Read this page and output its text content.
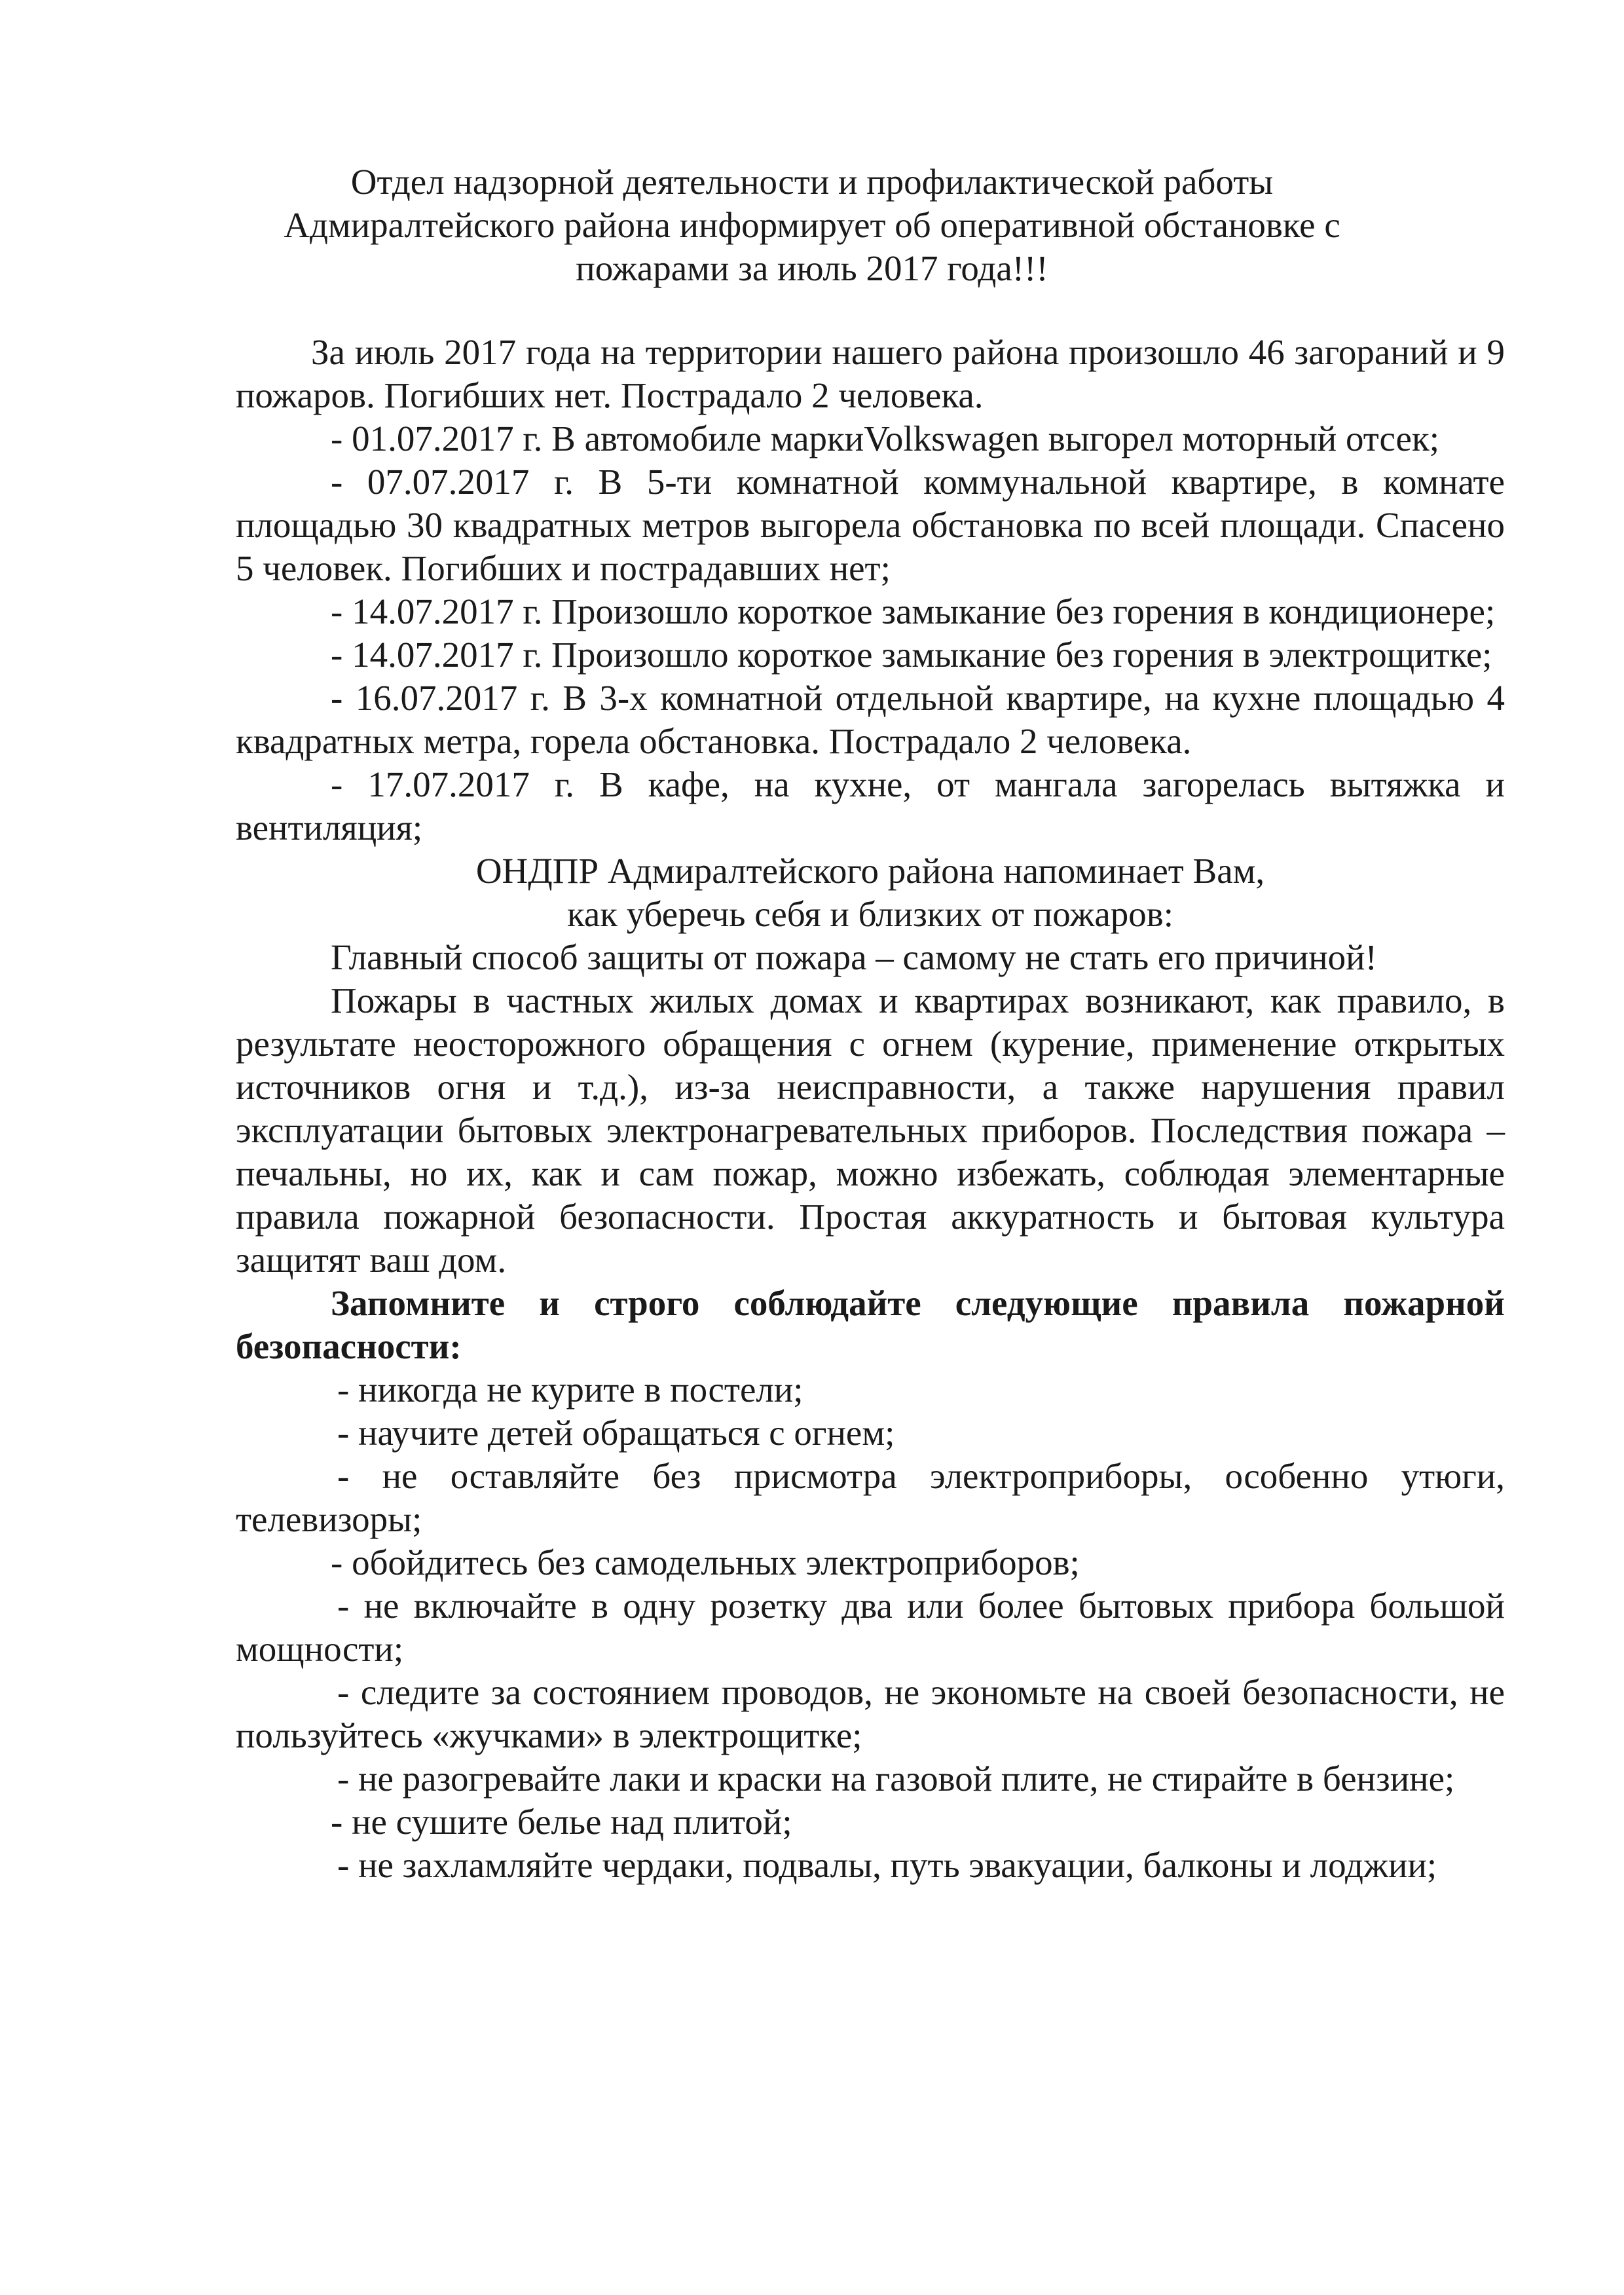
Отдел надзорной деятельности и профилактической работы
Адмиралтейского района информирует об оперативной обстановке с
пожарами за июль 2017 года!!!

За июль 2017 года на территории нашего района произошло 46 загораний и 9 пожаров. Погибших нет. Пострадало 2 человека.

- 01.07.2017 г. В автомобиле маркиVolkswagen выгорел моторный отсек;

- 07.07.2017 г. В 5-ти комнатной коммунальной квартире, в комнате площадью 30 квадратных метров выгорела обстановка по всей площади. Спасено 5 человек. Погибших и пострадавших нет;

- 14.07.2017 г. Произошло короткое замыкание без горения в кондиционере;

- 14.07.2017 г. Произошло короткое замыкание без горения в электрощитке;

- 16.07.2017 г. В 3-х комнатной отдельной квартире, на кухне площадью 4 квадратных метра, горела обстановка. Пострадало 2 человека.

- 17.07.2017 г. В кафе, на кухне, от мангала загорелась вытяжка и вентиляция;

ОНДПР Адмиралтейского района напоминает Вам,

как уберечь себя и близких от пожаров:

Главный способ защиты от пожара – самому не стать его причиной!

Пожары в частных жилых домах и квартирах возникают, как правило, в результате неосторожного обращения с огнем (курение, применение открытых источников огня и т.д.), из-за неисправности, а также нарушения правил эксплуатации бытовых электронагревательных приборов. Последствия пожара – печальны, но их, как и сам пожар, можно избежать, соблюдая элементарные правила пожарной безопасности. Простая аккуратность и бытовая культура защитят ваш дом.

Запомните и строго соблюдайте следующие правила пожарной безопасности:

- никогда не курите в постели;

- научите детей обращаться с огнем;

- не оставляйте без присмотра электроприборы, особенно утюги, телевизоры;

- обойдитесь без самодельных электроприборов;

- не включайте в одну розетку два или более бытовых прибора большой мощности;

- следите за состоянием проводов, не экономьте на своей безопасности, не пользуйтесь «жучками» в электрощитке;

- не разогревайте лаки и краски на газовой плите, не стирайте в бензине;

- не сушите белье над плитой;

- не захламляйте чердаки, подвалы, путь эвакуации, балконы и лоджии;
